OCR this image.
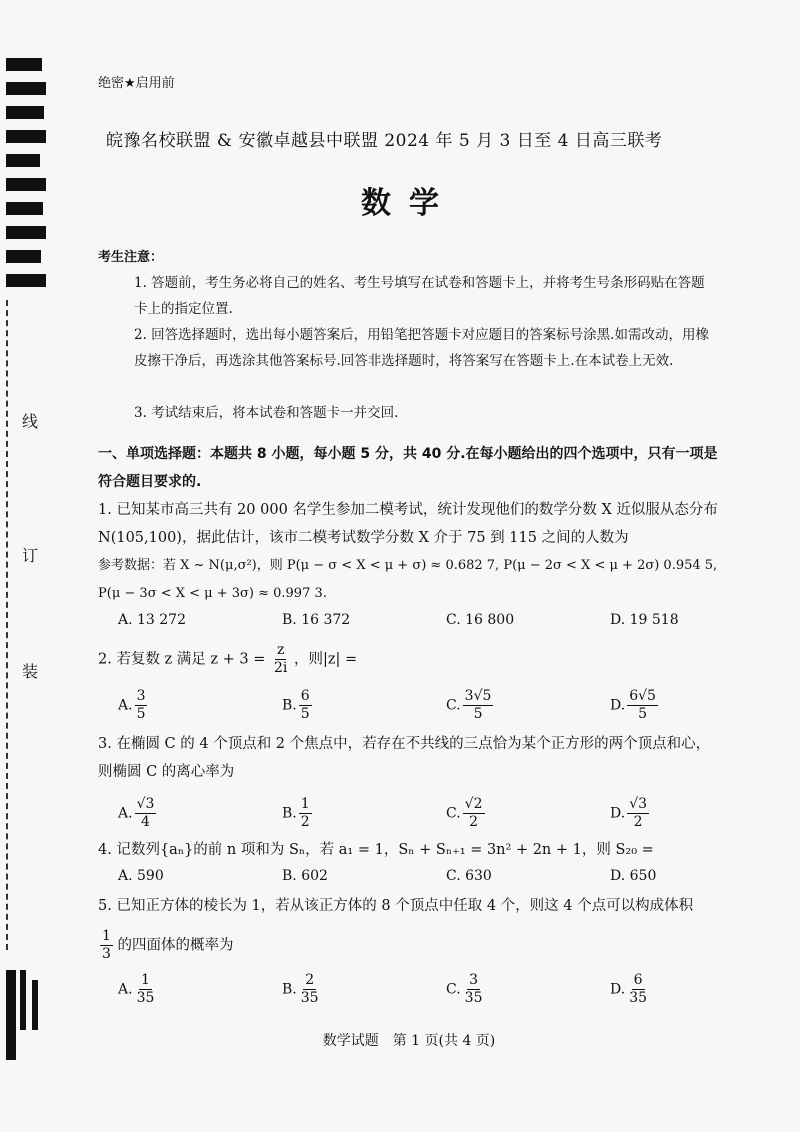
线
订
装
绝密★启用前
皖豫名校联盟 & 安徽卓越县中联盟 2024 年 5 月 3 日至 4 日高三联考
数学
考生注意：
1. 答题前，考生务必将自己的姓名、考生号填写在试卷和答题卡上，并将考生号条形码贴在答题卡上的指定位置.
2. 回答选择题时，选出每小题答案后，用铅笔把答题卡对应题目的答案标号涂黑.如需改动，用橡皮擦干净后，再选涂其他答案标号.回答非选择题时，将答案写在答题卡上.在本试卷上无效.
3. 考试结束后，将本试卷和答题卡一并交回.
一、单项选择题：本题共 8 小题，每小题 5 分，共 40 分.在每小题给出的四个选项中，只有一项是符合题目要求的.
1. 已知某市高三共有 20 000 名学生参加二模考试，统计发现他们的数学分数 X 近似服从态分布 N(105,100)，据此估计，该市二模考试数学分数 X 介于 75 到 115 之间的人数为
参考数据：若 X ~ N(μ,σ²)，则 P(μ − σ < X < μ + σ) ≈ 0.682 7, P(μ − 2σ < X < μ + 2σ) 0.954 5, P(μ − 3σ < X < μ + 3σ) ≈ 0.997 3.
A. 13 272	B. 16 372	C. 16 800	D. 19 518
2. 若复数 z 满足 $z + 3 = \frac{z}{2i}$ ，则|z| =
A. $\frac{3}{5}$	B. $\frac{6}{5}$	C. $\frac{3√5}{5}$	D. $\frac{6√5}{5}$
3. 在椭圆 C 的 4 个顶点和 2 个焦点中，若存在不共线的三点恰为某个正方形的两个顶点和心，则椭圆 C 的离心率为
A. $\frac{√3}{4}$	B. $\frac{1}{2}$	C. $\frac{√2}{2}$	D. $\frac{√3}{2}$
4. 记数列{aₙ}的前 n 项和为 Sₙ，若 a₁ = 1，Sₙ + Sₙ₊₁ = 3n² + 2n + 1，则 S₂₀ =
A. 590	B. 602	C. 630	D. 650
5. 已知正方体的棱长为 1，若从该正方体的 8 个顶点中任取 4 个，则这 4 个点可以构成体积
$\frac{1}{3}$ 的四面体的概率为
A. $\frac{1}{35}$	B. $\frac{2}{35}$	C. $\frac{3}{35}$	D. $\frac{6}{35}$
数学试题　第 1 页(共 4 页)
